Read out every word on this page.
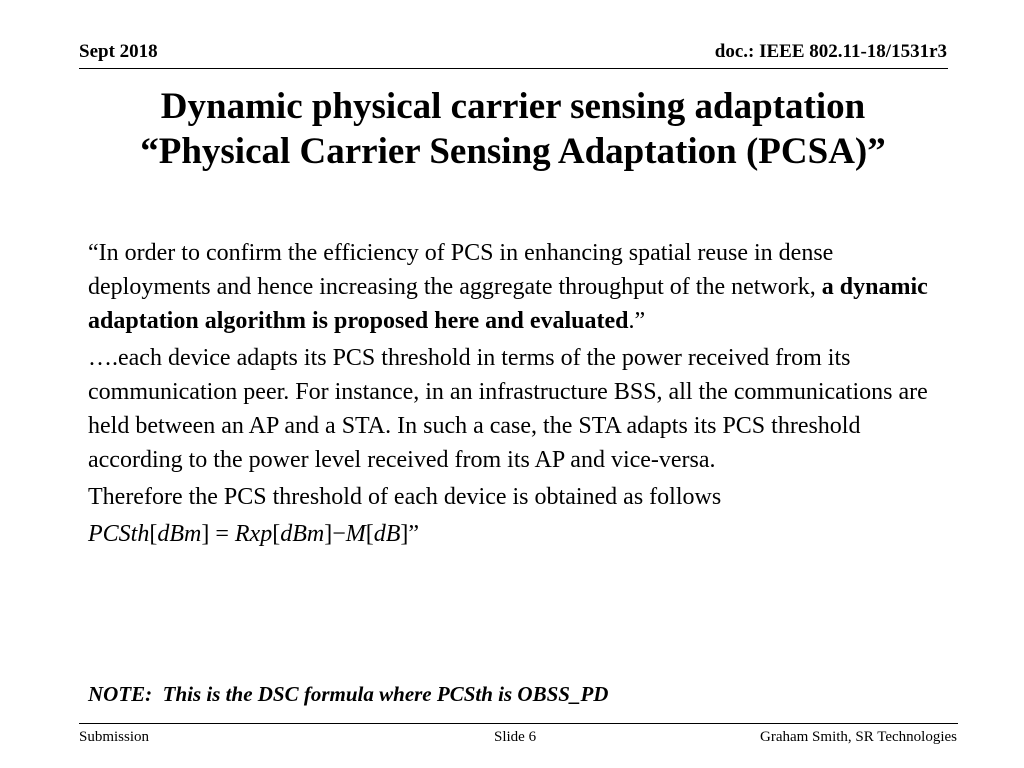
Sept 2018	doc.: IEEE 802.11-18/1531r3
Dynamic physical carrier sensing adaptation
“Physical Carrier Sensing Adaptation (PCSA)”

“In order to confirm the efficiency of PCS in enhancing spatial reuse in dense deployments and hence increasing the aggregate throughput of the network, a dynamic adaptation algorithm is proposed here and evaluated.”

….each device adapts its PCS threshold in terms of the power received from its communication peer. For instance, in an infrastructure BSS, all the communications are held between an AP and a STA. In such a case, the STA adapts its PCS threshold according to the power level received from its AP and vice-versa.

Therefore the PCS threshold of each device is obtained as follows

PCSth[dBm] = Rxp[dBm]−M[dB]”

NOTE:  This is the DSC formula where PCSth is OBSS_PD
Submission	Slide 6	Graham Smith, SR Technologies
